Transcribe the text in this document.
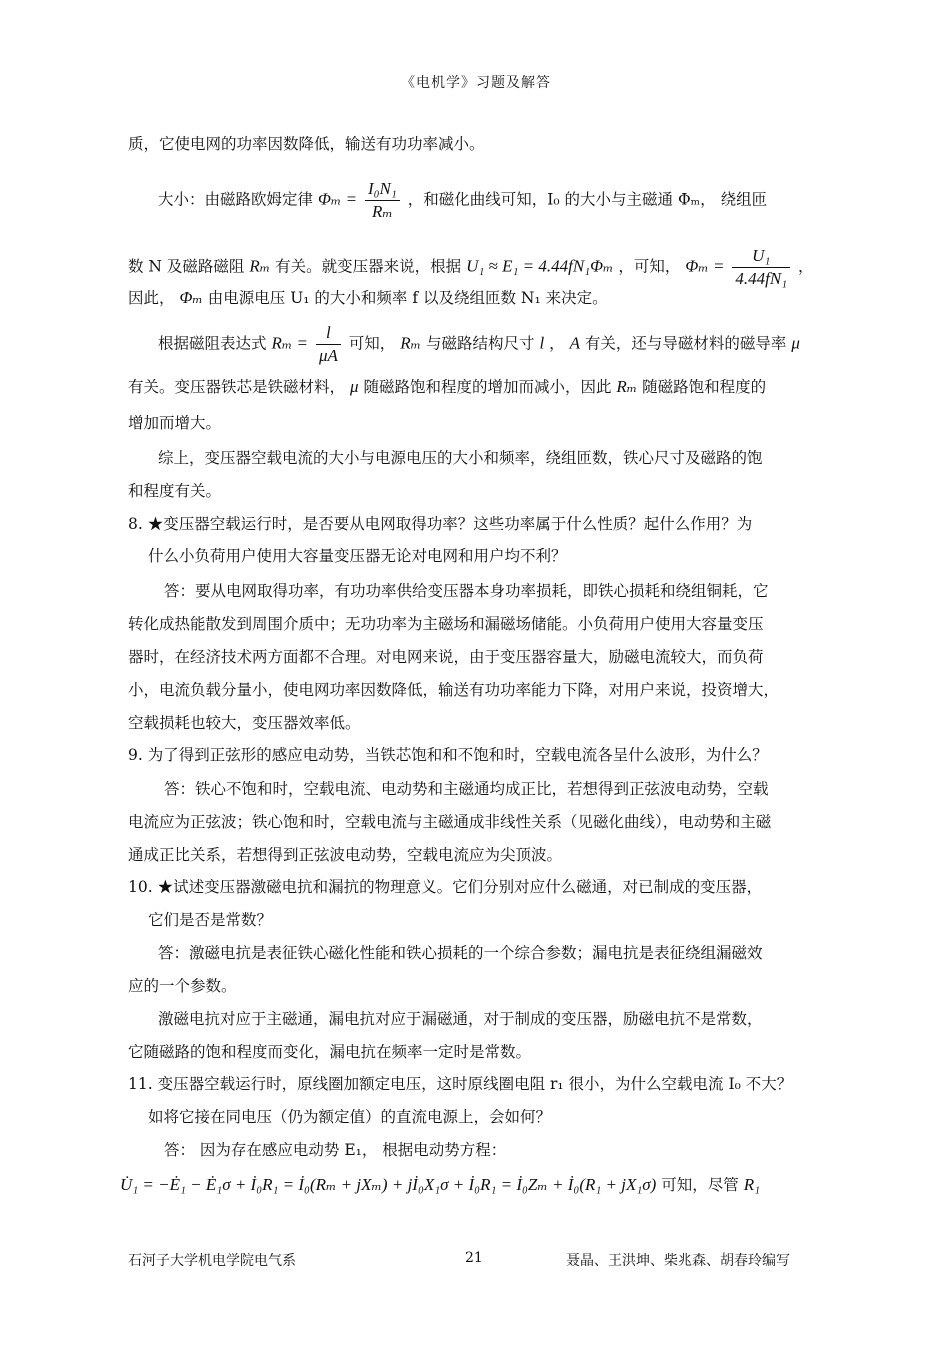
《电机学》习题及解答
质，它使电网的功率因数降低，输送有功功率减小。
大小：由磁路欧姆定律 $\Phi_m = \frac{\text{I₀N₁}}{\text{Rₘ}}$ ，和磁化曲线可知，I₀ 的大小与主磁通 Φₘ， 绕组匝
数 N 及磁路磁阻 Rₘ 有关。就变压器来说，根据 U₁ ≈ E₁ = 4.44fN₁Φₘ ，可知， $\Phi_m = \frac{\text{U₁}}{\text{4.44fN₁}}$ ，
因此， Φₘ 由电源电压 U₁ 的大小和频率 f 以及绕组匝数 N₁ 来决定。
根据磁阻表达式 $R_m = \frac{l}{\mu A}$ 可知， Rₘ 与磁路结构尺寸 l ， A 有关，还与导磁材料的磁导率 μ
有关。变压器铁芯是铁磁材料， μ 随磁路饱和程度的增加而减小，因此 Rₘ 随磁路饱和程度的
增加而增大。
综上，变压器空载电流的大小与电源电压的大小和频率，绕组匝数，铁心尺寸及磁路的饱
和程度有关。
8. ★变压器空载运行时，是否要从电网取得功率？这些功率属于什么性质？起什么作用？为
什么小负荷用户使用大容量变压器无论对电网和用户均不利？
答：要从电网取得功率，有功功率供给变压器本身功率损耗，即铁心损耗和绕组铜耗，它
转化成热能散发到周围介质中；无功功率为主磁场和漏磁场储能。小负荷用户使用大容量变压
器时，在经济技术两方面都不合理。对电网来说，由于变压器容量大，励磁电流较大，而负荷
小，电流负载分量小，使电网功率因数降低，输送有功功率能力下降，对用户来说，投资增大，
空载损耗也较大，变压器效率低。
9. 为了得到正弦形的感应电动势，当铁芯饱和和不饱和时，空载电流各呈什么波形，为什么？
答：铁心不饱和时，空载电流、电动势和主磁通均成正比，若想得到正弦波电动势，空载
电流应为正弦波；铁心饱和时，空载电流与主磁通成非线性关系（见磁化曲线），电动势和主磁
通成正比关系，若想得到正弦波电动势，空载电流应为尖顶波。
10. ★试述变压器激磁电抗和漏抗的物理意义。它们分别对应什么磁通，对已制成的变压器，
它们是否是常数？
答：激磁电抗是表征铁心磁化性能和铁心损耗的一个综合参数；漏电抗是表征绕组漏磁效
应的一个参数。
激磁电抗对应于主磁通，漏电抗对应于漏磁通，对于制成的变压器，励磁电抗不是常数，
它随磁路的饱和程度而变化，漏电抗在频率一定时是常数。
11. 变压器空载运行时，原线圈加额定电压，这时原线圈电阻 r₁ 很小，为什么空载电流 I₀ 不大？
如将它接在同电压（仍为额定值）的直流电源上，会如何？
答： 因为存在感应电动势 E₁， 根据电动势方程：
U̇₁ = −Ė₁ − Ė₁σ + İ₀R₁ = İ₀(Rₘ + jXₘ) + jİ₀X₁σ + İ₀R₁ = İ₀Zₘ + İ₀(R₁ + jX₁σ) 可知，尽管 R₁
石河子大学机电学院电气系	21	聂晶、王洪坤、柴兆森、胡春玲编写
